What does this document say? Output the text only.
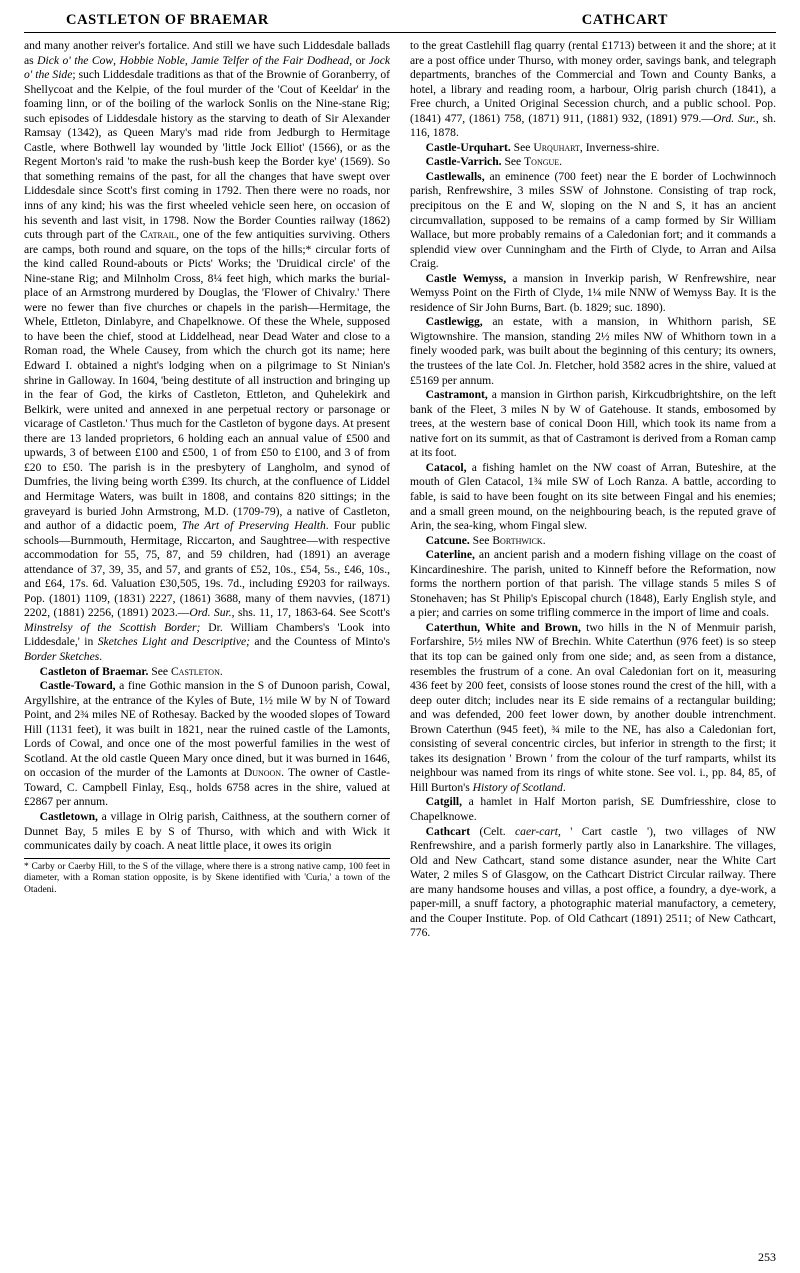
CASTLETON OF BRAEMAR	CATHCART

and many another reiver's fortalice. And still we have such Liddesdale ballads as Dick o' the Cow, Hobbie Noble, Jamie Telfer of the Fair Dodhead, or Jock o' the Side; such Liddesdale traditions as that of the Brownie of Goranberry, of Shellycoat and the Kelpie, of the foul murder of the 'Cout of Keeldar' in the foaming linn, or of the boiling of the warlock Sonlis on the Nine-stane Rig; such episodes of Liddesdale history as the starving to death of Sir Alexander Ramsay (1342), as Queen Mary's mad ride from Jedburgh to Hermitage Castle, where Bothwell lay wounded by 'little Jock Elliot' (1566), or as the Regent Morton's raid 'to make the rush-bush keep the Border kye' (1569). So that something remains of the past, for all the changes that have swept over Liddesdale since Scott's first coming in 1792. Then there were no roads, nor inns of any kind; his was the first wheeled vehicle seen here, on occasion of his seventh and last visit, in 1798. Now the Border Counties railway (1862) cuts through part of the Catrail, one of the few antiquities surviving. Others are camps, both round and square, on the tops of the hills;* circular forts of the kind called Round-abouts or Picts' Works; the 'Druidical circle' of the Nine-stane Rig; and Milnholm Cross, 8¼ feet high, which marks the burial-place of an Armstrong murdered by Douglas, the 'Flower of Chivalry.' There were no fewer than five churches or chapels in the parish—Hermitage, the Whele, Ettleton, Dinlabyre, and Chapelknowe. Of these the Whele, supposed to have been the chief, stood at Liddelhead, near Dead Water and close to a Roman road, the Whele Causey, from which the church got its name; here Edward I. obtained a night's lodging when on a pilgrimage to St Ninian's shrine in Galloway. In 1604, 'being destitute of all instruction and bringing up in the fear of God, the kirks of Castleton, Ettleton, and Quhelekirk and Belkirk, were united and annexed in ane perpetual rectory or parsonage or vicarage of Castleton.' Thus much for the Castleton of bygone days. At present there are 13 landed proprietors, 6 holding each an annual value of £500 and upwards, 3 of between £100 and £500, 1 of from £50 to £100, and 3 of from £20 to £50. The parish is in the presbytery of Langholm, and synod of Dumfries, the living being worth £399. Its church, at the confluence of Liddel and Hermitage Waters, was built in 1808, and contains 820 sittings; in the graveyard is buried John Armstrong, M.D. (1709-79), a native of Castleton, and author of a didactic poem, The Art of Preserving Health. Four public schools—Burnmouth, Hermitage, Riccarton, and Saughtree—with respective accommodation for 55, 75, 87, and 59 children, had (1891) an average attendance of 37, 39, 35, and 57, and grants of £52, 10s., £54, 5s., £46, 10s., and £64, 17s. 6d. Valuation £30,505, 19s. 7d., including £9203 for railways. Pop. (1801) 1109, (1831) 2227, (1861) 3688, many of them navvies, (1871) 2202, (1881) 2256, (1891) 2023.—Ord. Sur., shs. 11, 17, 1863-64. See Scott's Minstrelsy of the Scottish Border; Dr. William Chambers's 'Look into Liddesdale,' in Sketches Light and Descriptive; and the Countess of Minto's Border Sketches.

Castleton of Braemar. See Castleton.

Castle-Toward, a fine Gothic mansion in the S of Dunoon parish, Cowal, Argyllshire, at the entrance of the Kyles of Bute, 1½ mile W by N of Toward Point, and 2¾ miles NE of Rothesay. Backed by the wooded slopes of Toward Hill (1131 feet), it was built in 1821, near the ruined castle of the Lamonts, Lords of Cowal, and once one of the most powerful families in the west of Scotland. At the old castle Queen Mary once dined, but it was burned in 1646, on occasion of the murder of the Lamonts at Dunoon. The owner of Castle-Toward, C. Campbell Finlay, Esq., holds 6758 acres in the shire, valued at £2867 per annum.

Castletown, a village in Olrig parish, Caithness, at the southern corner of Dunnet Bay, 5 miles E by S of Thurso, with which and with Wick it communicates daily by coach. A neat little place, it owes its origin

* Carby or Caerby Hill, to the S of the village, where there is a strong native camp, 100 feet in diameter, with a Roman station opposite, is by Skene identified with 'Curia,' a town of the Otadeni.

to the great Castlehill flag quarry (rental £1713) between it and the shore; at it are a post office under Thurso, with money order, savings bank, and telegraph departments, branches of the Commercial and Town and County Banks, a hotel, a library and reading room, a harbour, Olrig parish church (1841), a Free church, a United Original Secession church, and a public school. Pop. (1841) 477, (1861) 758, (1871) 911, (1881) 932, (1891) 979.—Ord. Sur., sh. 116, 1878.

Castle-Urquhart. See Urquhart, Inverness-shire.

Castle-Varrich. See Tongue.

Castlewalls, an eminence (700 feet) near the E border of Lochwinnoch parish, Renfrewshire, 3 miles SSW of Johnstone. Consisting of trap rock, precipitous on the E and W, sloping on the N and S, it has an ancient circumvallation, supposed to be remains of a camp formed by Sir William Wallace, but more probably remains of a Caledonian fort; and it commands a splendid view over Cunningham and the Firth of Clyde, to Arran and Ailsa Craig.

Castle Wemyss, a mansion in Inverkip parish, W Renfrewshire, near Wemyss Point on the Firth of Clyde, 1¼ mile NNW of Wemyss Bay. It is the residence of Sir John Burns, Bart. (b. 1829; suc. 1890).

Castlewigg, an estate, with a mansion, in Whithorn parish, SE Wigtownshire. The mansion, standing 2½ miles NW of Whithorn town in a finely wooded park, was built about the beginning of this century; its owners, the trustees of the late Col. Jn. Fletcher, hold 3582 acres in the shire, valued at £5169 per annum.

Castramont, a mansion in Girthon parish, Kirkcudbrightshire, on the left bank of the Fleet, 3 miles N by W of Gatehouse. It stands, embosomed by trees, at the western base of conical Doon Hill, which took its name from a native fort on its summit, as that of Castramont is derived from a Roman camp at its foot.

Catacol, a fishing hamlet on the NW coast of Arran, Buteshire, at the mouth of Glen Catacol, 1¾ mile SW of Loch Ranza. A battle, according to fable, is said to have been fought on its site between Fingal and his enemies; and a small green mound, on the neighbouring beach, is the reputed grave of Arin, the sea-king, whom Fingal slew.

Catcune. See Borthwick.

Caterline, an ancient parish and a modern fishing village on the coast of Kincardineshire. The parish, united to Kinneff before the Reformation, now forms the northern portion of that parish. The village stands 5 miles S of Stonehaven; has St Philip's Episcopal church (1848), Early English style, and a pier; and carries on some trifling commerce in the import of lime and coals.

Caterthun, White and Brown, two hills in the N of Menmuir parish, Forfarshire, 5½ miles NW of Brechin. White Caterthun (976 feet) is so steep that its top can be gained only from one side; and, as seen from a distance, resembles the frustrum of a cone. An oval Caledonian fort on it, measuring 436 feet by 200 feet, consists of loose stones round the crest of the hill, with a deep outer ditch; includes near its E side remains of a rectangular building; and was defended, 200 feet lower down, by another double intrenchment. Brown Caterthun (945 feet), ¾ mile to the NE, has also a Caledonian fort, consisting of several concentric circles, but inferior in strength to the first; it takes its designation ' Brown ' from the colour of the turf ramparts, whilst its neighbour was named from its rings of white stone. See vol. i., pp. 84, 85, of Hill Burton's History of Scotland.

Catgill, a hamlet in Half Morton parish, SE Dumfriesshire, close to Chapelknowe.

Cathcart (Celt. caer-cart, ' Cart castle '), two villages of NW Renfrewshire, and a parish formerly partly also in Lanarkshire. The villages, Old and New Cathcart, stand some distance asunder, near the White Cart Water, 2 miles S of Glasgow, on the Cathcart District Circular railway. There are many handsome houses and villas, a post office, a foundry, a dye-work, a paper-mill, a snuff factory, a photographic material manufactory, a cemetery, and the Couper Institute. Pop. of Old Cathcart (1891) 2511; of New Cathcart, 776.

253
